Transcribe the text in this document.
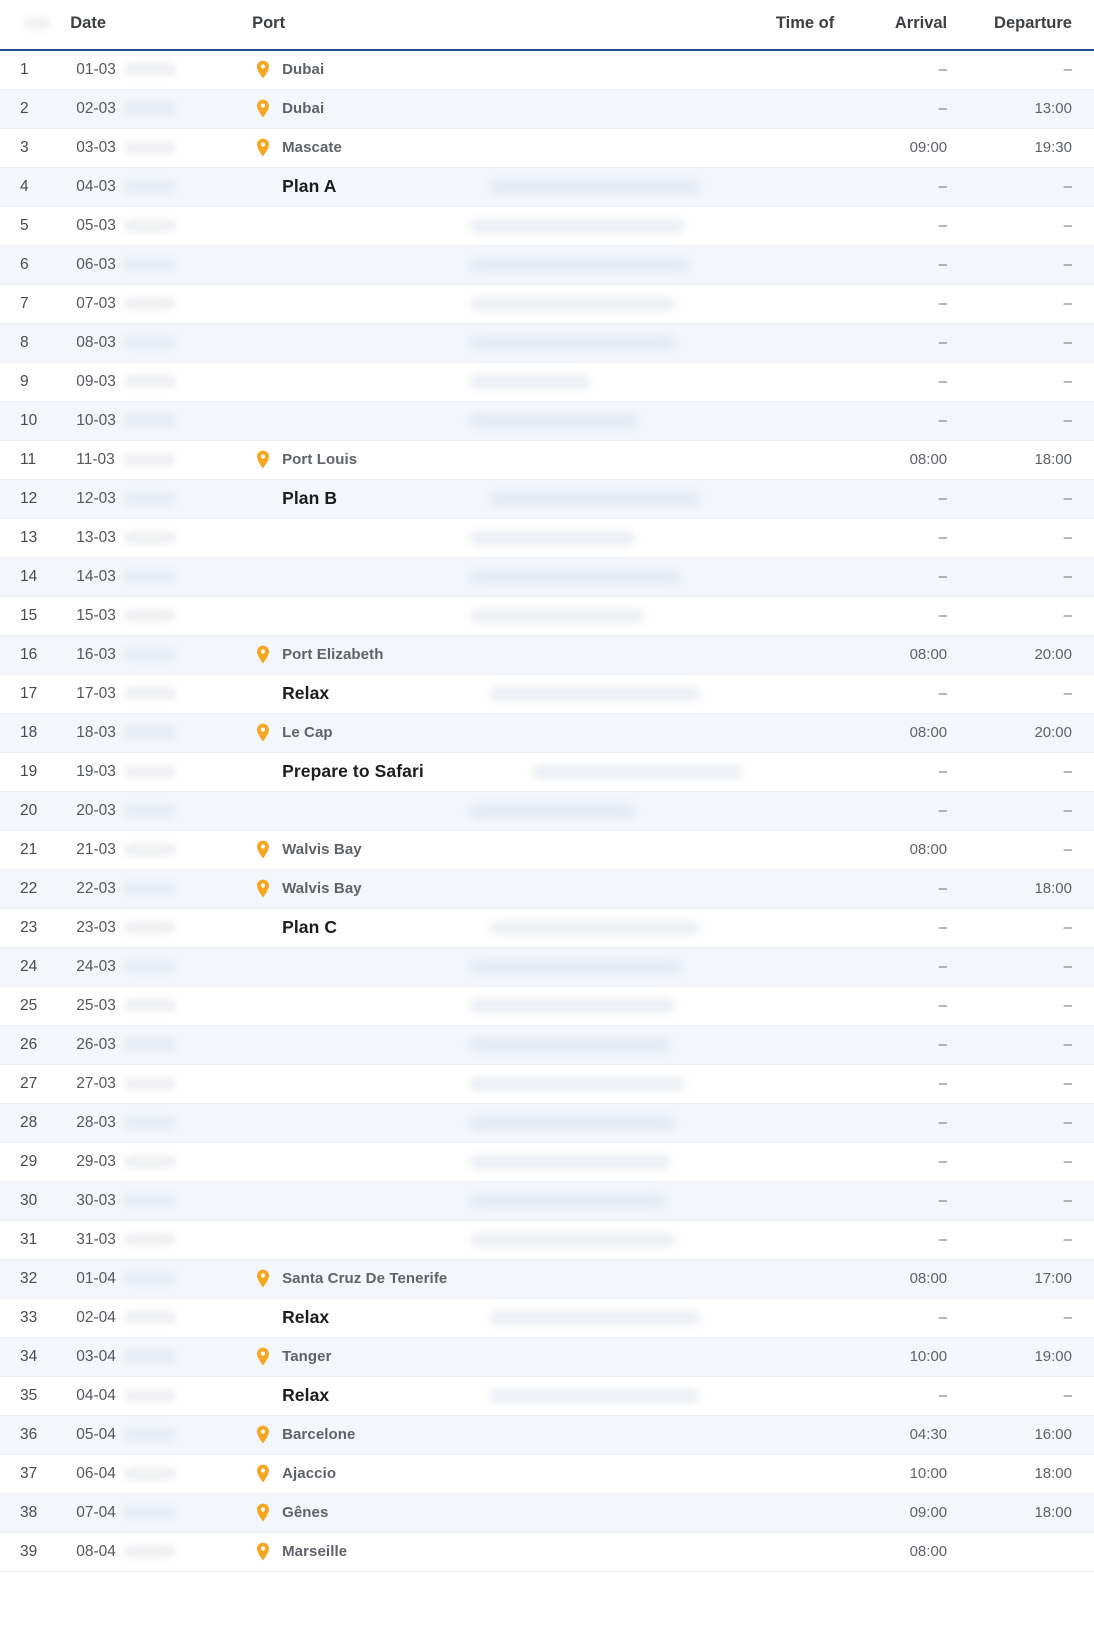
	Date	Port	Time of	Arrival	Departure
1	01-03	Dubai		–	–
2	02-03	Dubai		–	13:00
3	03-03	Mascate		09:00	19:30
4	04-03	Plan A		–	–
5	05-03			–	–
6	06-03			–	–
7	07-03			–	–
8	08-03			–	–
9	09-03			–	–
10	10-03			–	–
11	11-03	Port Louis		08:00	18:00
12	12-03	Plan B		–	–
13	13-03			–	–
14	14-03			–	–
15	15-03			–	–
16	16-03	Port Elizabeth		08:00	20:00
17	17-03	Relax		–	–
18	18-03	Le Cap		08:00	20:00
19	19-03	Prepare to Safari		–	–
20	20-03			–	–
21	21-03	Walvis Bay		08:00	–
22	22-03	Walvis Bay		–	18:00
23	23-03	Plan C		–	–
24	24-03			–	–
25	25-03			–	–
26	26-03			–	–
27	27-03			–	–
28	28-03			–	–
29	29-03			–	–
30	30-03			–	–
31	31-03			–	–
32	01-04	Santa Cruz De Tenerife		08:00	17:00
33	02-04	Relax		–	–
34	03-04	Tanger		10:00	19:00
35	04-04	Relax		–	–
36	05-04	Barcelone		04:30	16:00
37	06-04	Ajaccio		10:00	18:00
38	07-04	Gênes		09:00	18:00
39	08-04	Marseille		08:00	
